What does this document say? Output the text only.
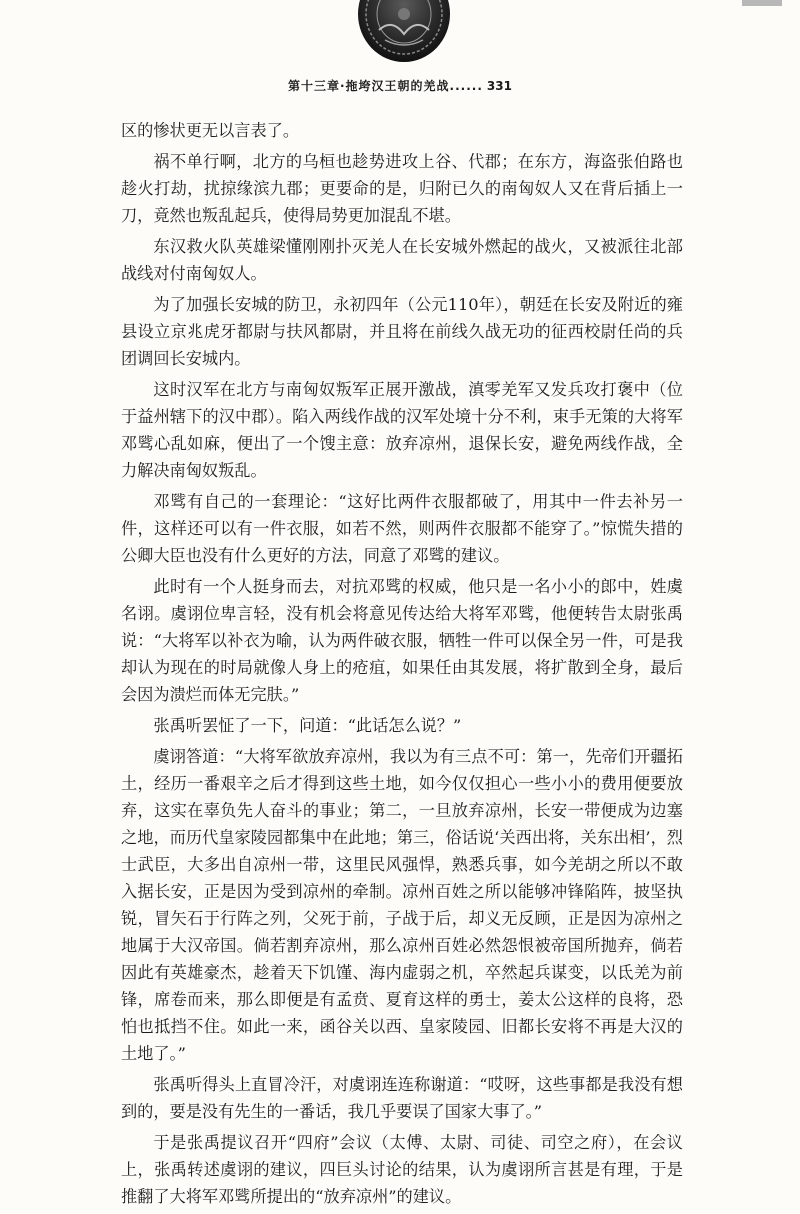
第十三章·拖垮汉王朝的羌战...... 331

区的惨状更无以言表了。

祸不单行啊，北方的乌桓也趁势进攻上谷、代郡；在东方，海盗张伯路也趁火打劫，扰掠缘滨九郡；更要命的是，归附已久的南匈奴人又在背后插上一刀，竟然也叛乱起兵，使得局势更加混乱不堪。

东汉救火队英雄梁懂刚刚扑灭羌人在长安城外燃起的战火，又被派往北部战线对付南匈奴人。

为了加强长安城的防卫，永初四年（公元110年），朝廷在长安及附近的雍县设立京兆虎牙都尉与扶风都尉，并且将在前线久战无功的征西校尉任尚的兵团调回长安城内。

这时汉军在北方与南匈奴叛军正展开激战，滇零羌军又发兵攻打褒中（位于益州辖下的汉中郡）。陷入两线作战的汉军处境十分不利，束手无策的大将军邓骘心乱如麻，便出了一个馊主意：放弃凉州，退保长安，避免两线作战，全力解决南匈奴叛乱。

邓骘有自己的一套理论：“这好比两件衣服都破了，用其中一件去补另一件，这样还可以有一件衣服，如若不然，则两件衣服都不能穿了。”惊慌失措的公卿大臣也没有什么更好的方法，同意了邓骘的建议。

此时有一个人挺身而去，对抗邓骘的权威，他只是一名小小的郎中，姓虞名诩。虞诩位卑言轻，没有机会将意见传达给大将军邓骘，他便转告太尉张禹说：“大将军以补衣为喻，认为两件破衣服，牺牲一件可以保全另一件，可是我却认为现在的时局就像人身上的疮疽，如果任由其发展，将扩散到全身，最后会因为溃烂而体无完肤。”

张禹听罢怔了一下，问道：“此话怎么说？”

虞诩答道：“大将军欲放弃凉州，我以为有三点不可：第一，先帝们开疆拓土，经历一番艰辛之后才得到这些土地，如今仅仅担心一些小小的费用便要放弃，这实在辜负先人奋斗的事业；第二，一旦放弃凉州，长安一带便成为边塞之地，而历代皇家陵园都集中在此地；第三，俗话说‘关西出将，关东出相’，烈士武臣，大多出自凉州一带，这里民风强悍，熟悉兵事，如今羌胡之所以不敢入据长安，正是因为受到凉州的牵制。凉州百姓之所以能够冲锋陷阵，披坚执锐，冒矢石于行阵之列，父死于前，子战于后，却义无反顾，正是因为凉州之地属于大汉帝国。倘若割弃凉州，那么凉州百姓必然怨恨被帝国所抛弃，倘若因此有英雄豪杰，趁着天下饥馑、海内虚弱之机，卒然起兵谋变，以氐羌为前锋，席卷而来，那么即便是有孟贲、夏育这样的勇士，姜太公这样的良将，恐怕也抵挡不住。如此一来，函谷关以西、皇家陵园、旧都长安将不再是大汉的土地了。”

张禹听得头上直冒冷汗，对虞诩连连称谢道：“哎呀，这些事都是我没有想到的，要是没有先生的一番话，我几乎要误了国家大事了。”

于是张禹提议召开“四府”会议（太傅、太尉、司徒、司空之府），在会议上，张禹转述虞诩的建议，四巨头讨论的结果，认为虞诩所言甚是有理，于是推翻了大将军邓骘所提出的“放弃凉州”的建议。
